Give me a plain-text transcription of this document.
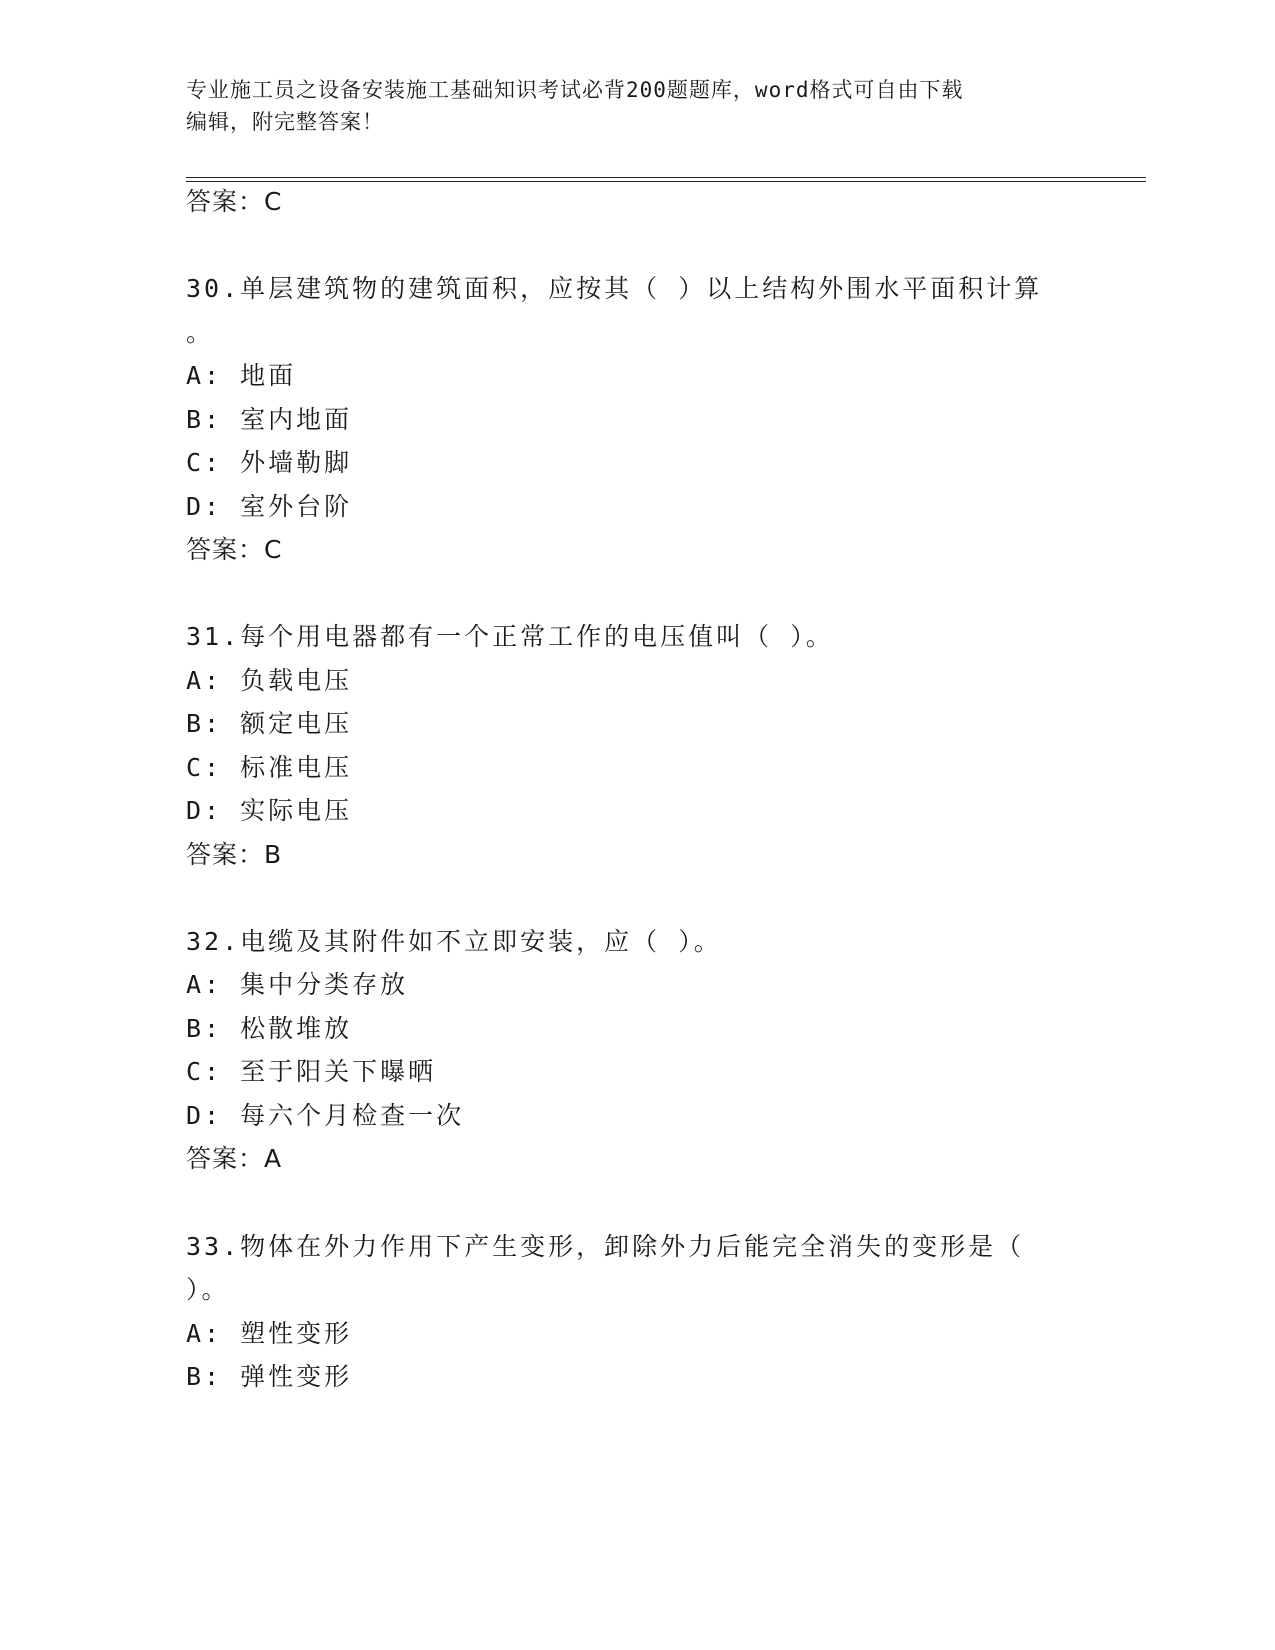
专业施工员之设备安装施工基础知识考试必背200题题库，word格式可自由下载
编辑，附完整答案！
答案：C
30.单层建筑物的建筑面积，应按其（ ）以上结构外围水平面积计算
。
A: 地面
B: 室内地面
C: 外墙勒脚
D: 室外台阶
答案：C
31.每个用电器都有一个正常工作的电压值叫（ ）。
A: 负载电压
B: 额定电压
C: 标准电压
D: 实际电压
答案：B
32.电缆及其附件如不立即安装，应（ ）。
A: 集中分类存放
B: 松散堆放
C: 至于阳关下曝晒
D: 每六个月检查一次
答案：A
33.物体在外力作用下产生变形，卸除外力后能完全消失的变形是（
）。
A: 塑性变形
B: 弹性变形
